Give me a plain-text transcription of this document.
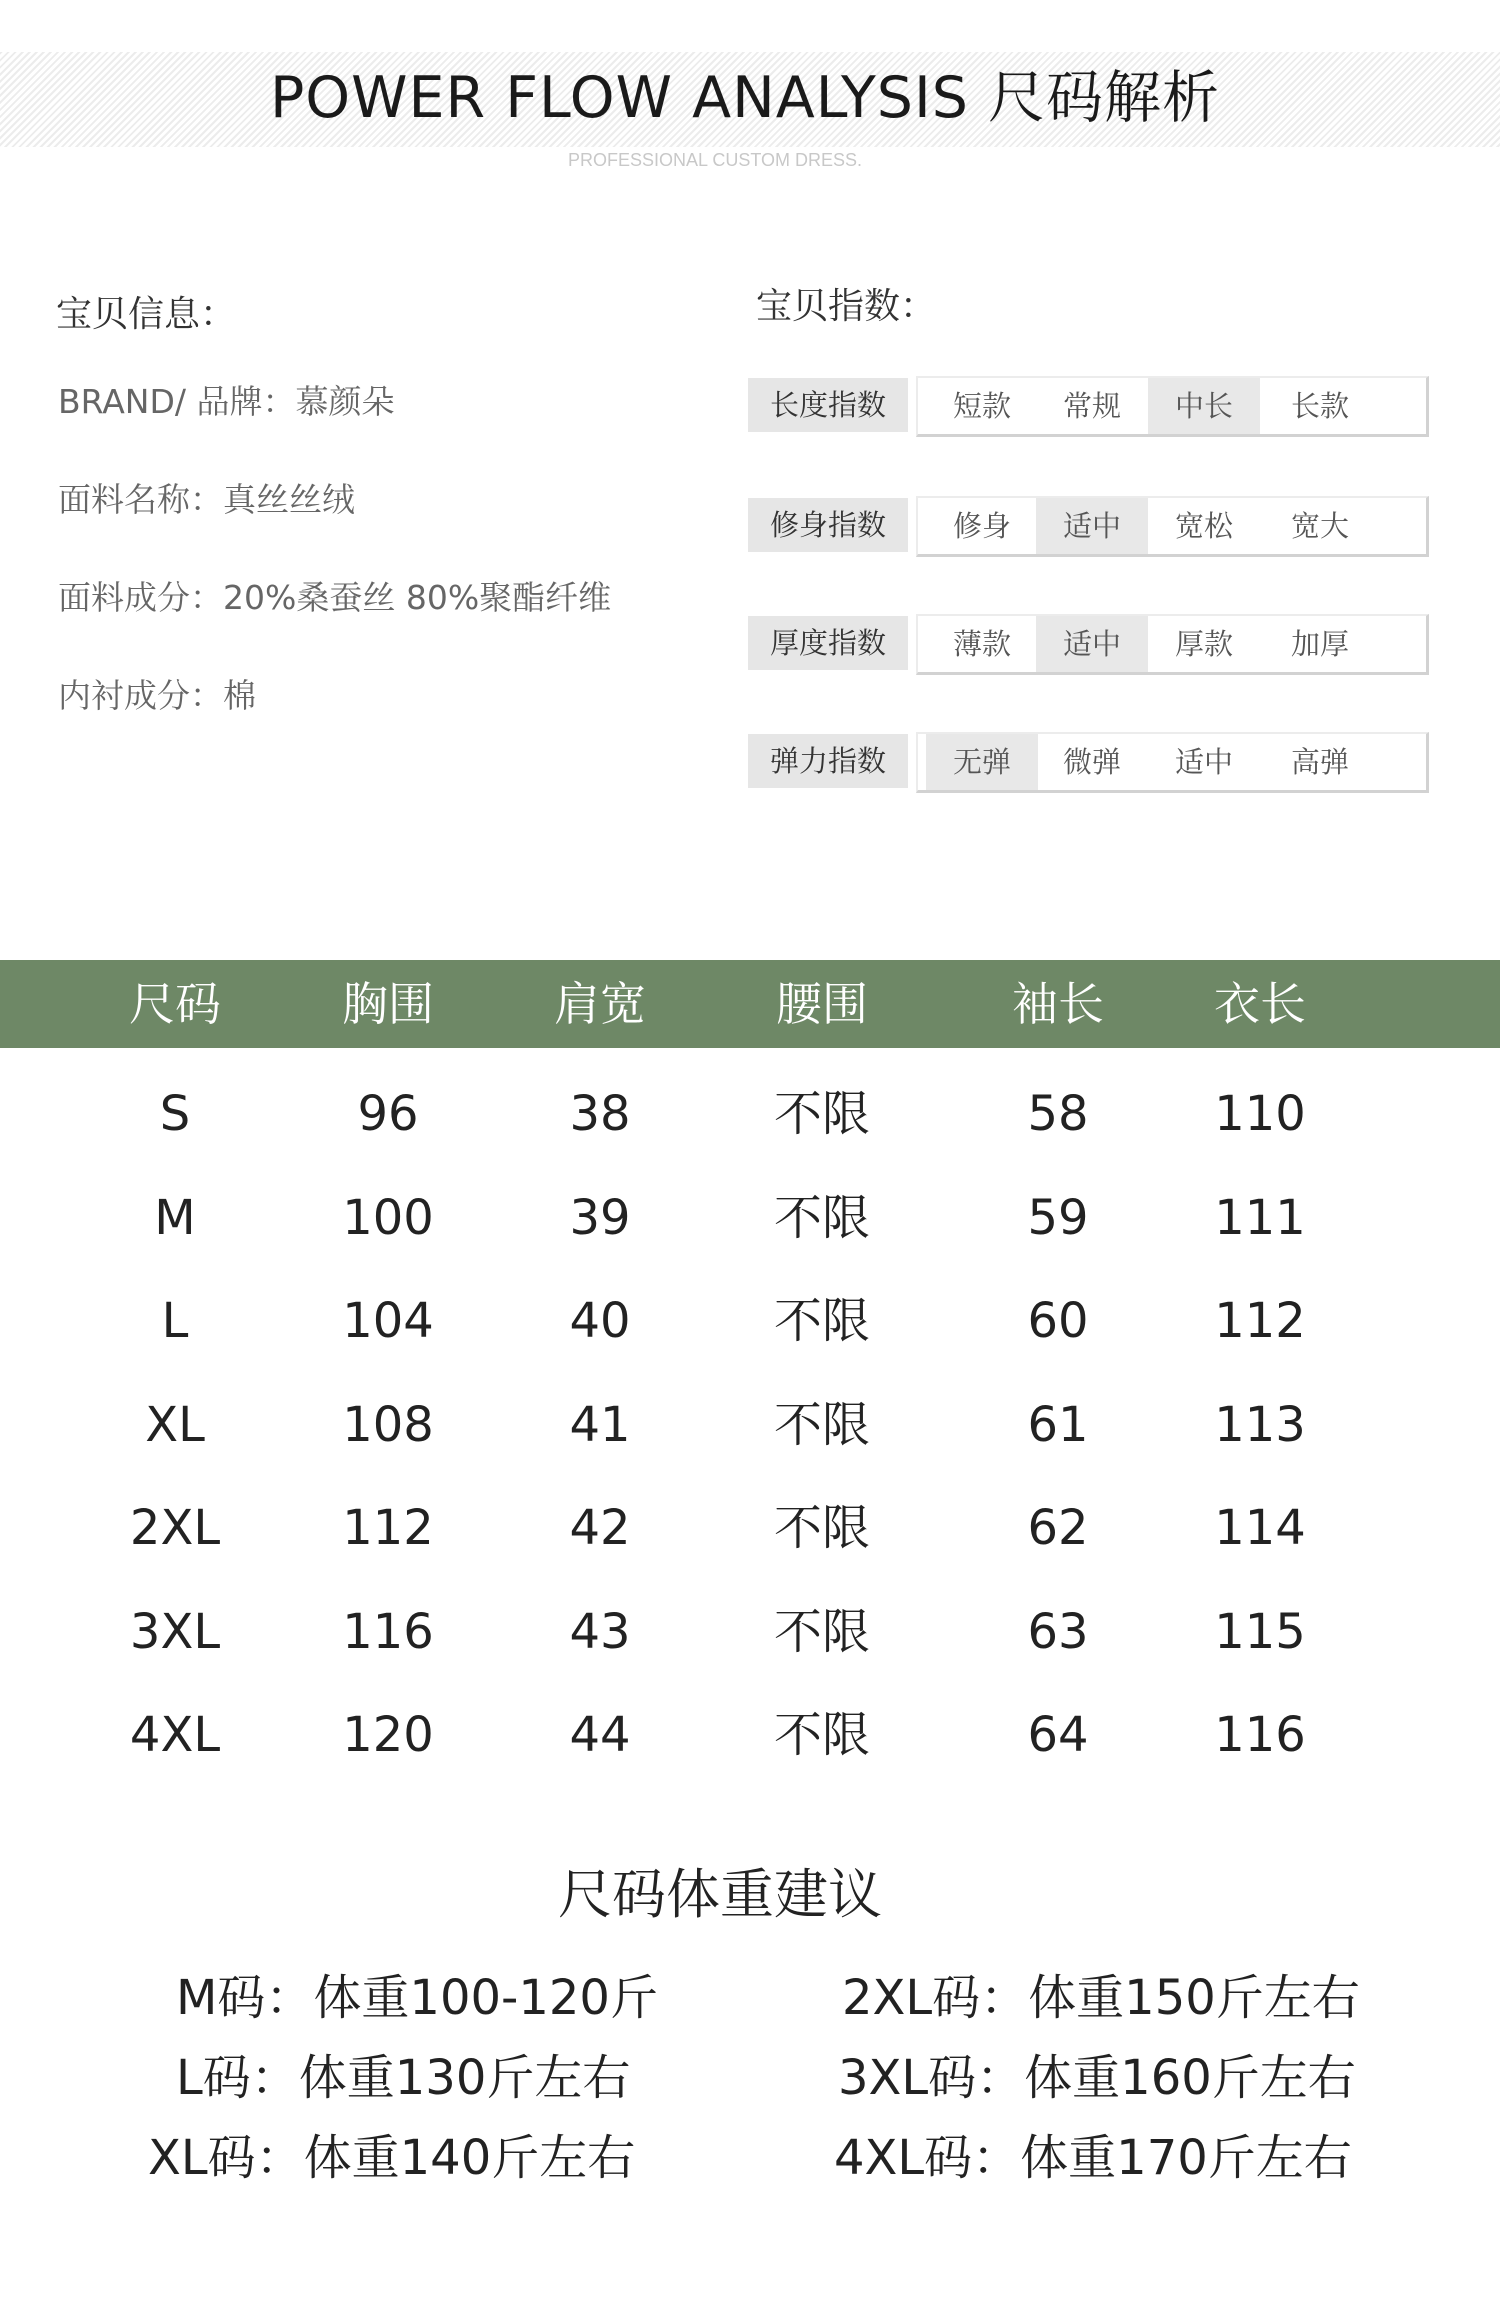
POWER FLOW ANALYSIS 尺码解析
PROFESSIONAL CUSTOM DRESS.
宝贝信息：
BRAND/ 品牌：慕颜朵
面料名称：真丝丝绒
面料成分：20%桑蚕丝 80%聚酯纤维
内衬成分：棉
宝贝指数：
长度指数	短款	常规	中长	长款
修身指数	修身	适中	宽松	宽大
厚度指数	薄款	适中	厚款	加厚
弹力指数	无弹	微弹	适中	高弹
尺码	胸围	肩宽	腰围	袖长	衣长
S	96	38	不限	58	110
M	100	39	不限	59	111
L	104	40	不限	60	112
XL	108	41	不限	61	113
2XL	112	42	不限	62	114
3XL	116	43	不限	63	115
4XL	120	44	不限	64	116
尺码体重建议
M码：体重100-120斤
L码：体重130斤左右
XL码：体重140斤左右
2XL码：体重150斤左右
3XL码：体重160斤左右
4XL码：体重170斤左右
